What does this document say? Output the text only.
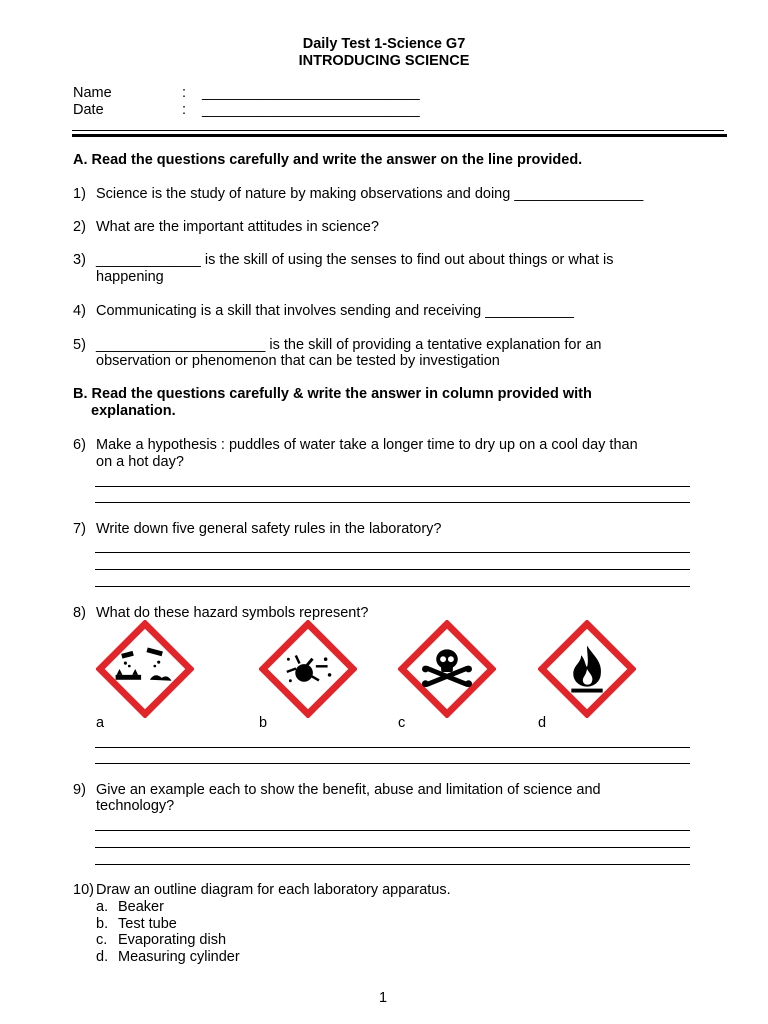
Daily Test 1-Science G7
INTRODUCING SCIENCE
Name	: ___________________________
Date	: ___________________________
A. Read the questions carefully and write the answer on the line provided.
1) Science is the study of nature by making observations and doing ________________
2) What are the important attitudes in science?
3) _____________ is the skill of using the senses to find out about things or what is
happening
4) Communicating is a skill that involves sending and receiving ___________
5) _____________________ is the skill of providing a tentative explanation for an
observation or phenomenon that can be tested by investigation
B. Read the questions carefully & write the answer in column provided with
explanation.
6) Make a hypothesis : puddles of water take a longer time to dry up on a cool day than
on a hot day?
7) Write down five general safety rules in the laboratory?
8) What do these hazard symbols represent?
a	b	c	d
9) Give an example each to show the benefit, abuse and limitation of science and
technology?
10) Draw an outline diagram for each laboratory apparatus.
a. Beaker
b. Test tube
c. Evaporating dish
d. Measuring cylinder
1
